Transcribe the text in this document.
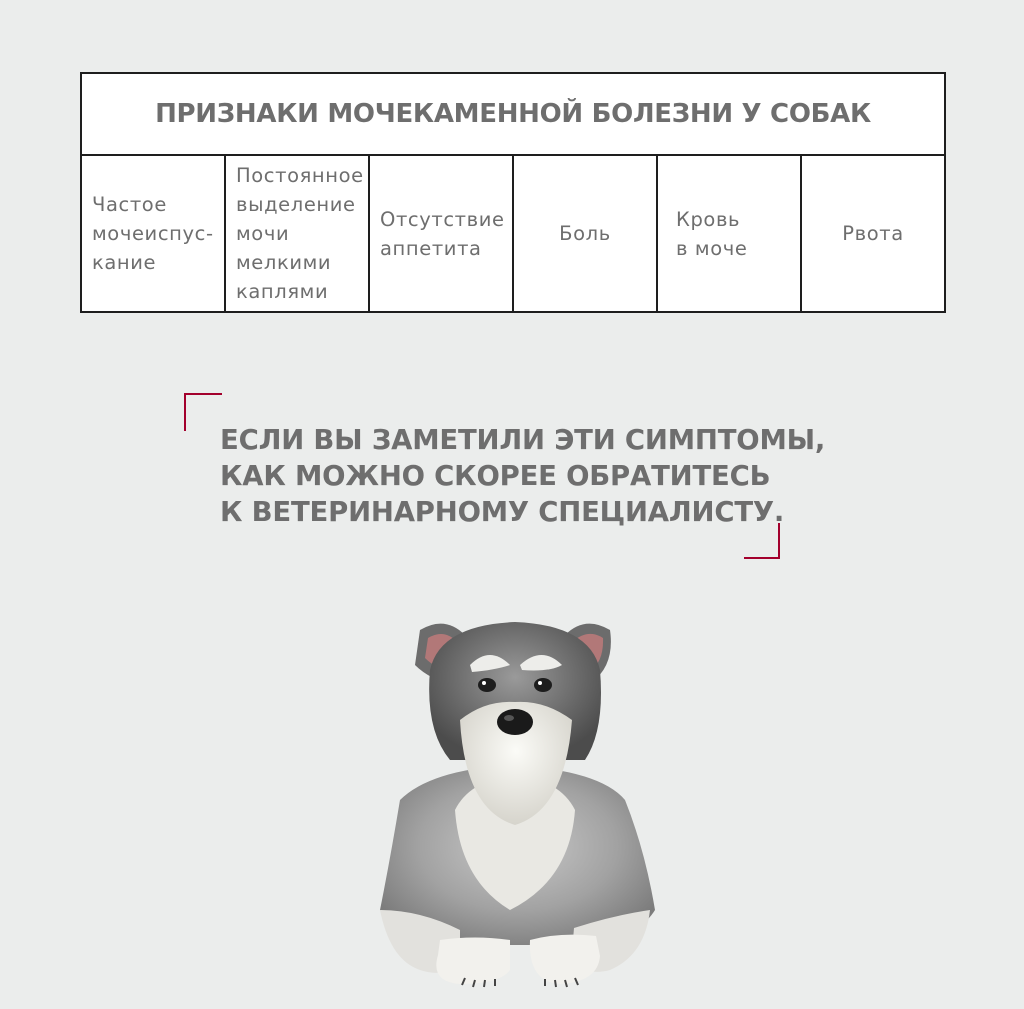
ПРИЗНАКИ МОЧЕКАМЕННОЙ БОЛЕЗНИ У СОБАК
Частое
мочеиспус-
кание
Постоянное
выделение
мочи
мелкими
каплями
Отсутствие
аппетита
Боль
Кровь
в моче
Рвота
ЕСЛИ ВЫ ЗАМЕТИЛИ ЭТИ СИМПТОМЫ,
КАК МОЖНО СКОРЕЕ ОБРАТИТЕСЬ
К ВЕТЕРИНАРНОМУ СПЕЦИАЛИСТУ.
